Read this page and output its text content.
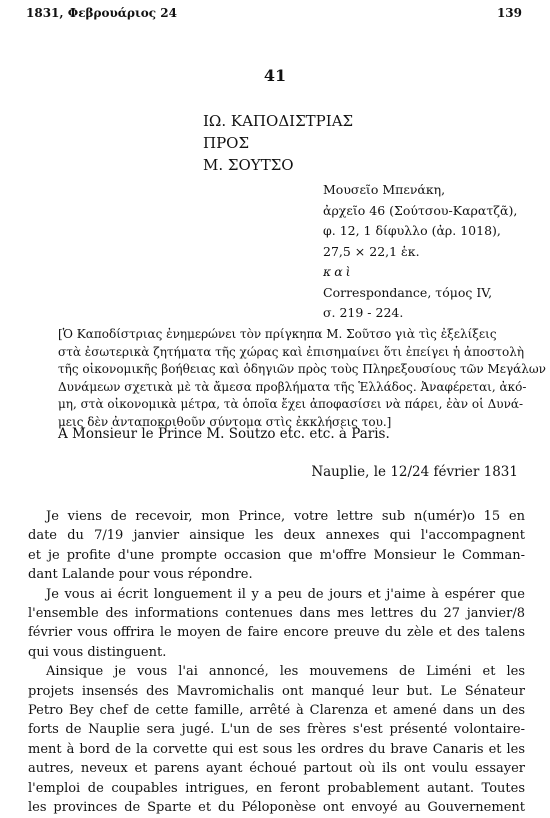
1831, Φεβρουάριος 24	139
41
ΙΩ. ΚΑΠΟΔΙΣΤΡΙΑΣ
ΠΡΟΣ
Μ. ΣΟΥΤΣΟ
Μουσεῖο Μπενάκη,
ἀρχεῖο 46 (Σούτσου-Καρατζᾶ),
φ. 12, 1 δίφυλλο (ἀρ. 1018),
27,5 × 22,1 ἑκ.
καὶ
Correspondance, τόμος IV,
σ. 219 - 224.
[Ὁ Καποδίστριας ἐνημερώνει τὸν πρίγκηπα Μ. Σοῦτσο γιὰ τὶς ἐξελίξεις
στὰ ἐσωτερικὰ ζητήματα τῆς χώρας καὶ ἐπισημαίνει ὅτι ἐπείγει ἡ ἀποστολὴ
τῆς οἰκονομικῆς βοήθειας καὶ ὁδηγιῶν πρὸς τοὺς Πληρεξουσίους τῶν Μεγάλων
Δυνάμεων σχετικὰ μὲ τὰ ἄμεσα προβλήματα τῆς Ἑλλάδος. Ἀναφέρεται, ἀκό-
μη, στὰ οἰκονομικὰ μέτρα, τὰ ὁποῖα ἔχει ἀποφασίσει νὰ πάρει, ἐὰν οἱ Δυνά-
μεις δὲν ἀνταποκριθοῦν σύντομα στὶς ἐκκλήσεις του.]
A Monsieur le Prince M. Soutzo etc. etc. à Paris.
Nauplie, le 12/24 février 1831
Je viens de recevoir, mon Prince, votre lettre sub n(umér)o 15 en
date du 7/19 janvier ainsique les deux annexes qui l'accompagnent
et je profite d'une prompte occasion que m'offre Monsieur le Comman-
dant Lalande pour vous répondre.
Je vous ai écrit longuement il y a peu de jours et j'aime à espérer que
l'ensemble des informations contenues dans mes lettres du 27 janvier/8
février vous offrira le moyen de faire encore preuve du zèle et des talens
qui vous distinguent.
Ainsique je vous l'ai annoncé, les mouvemens de Liméni et les
projets insensés des Mavromichalis ont manqué leur but. Le Sénateur
Petro Bey chef de cette famille, arrêté à Clarenza et amené dans un des
forts de Nauplie sera jugé. L'un de ses frères s'est présenté volontaire-
ment à bord de la corvette qui est sous les ordres du brave Canaris et les
autres, neveux et parens ayant échoué partout où ils ont voulu essayer
l'emploi de coupables intrigues, en feront probablement autant. Toutes
les provinces de Sparte et du Péloponèse ont envoyé au Gouvernement
